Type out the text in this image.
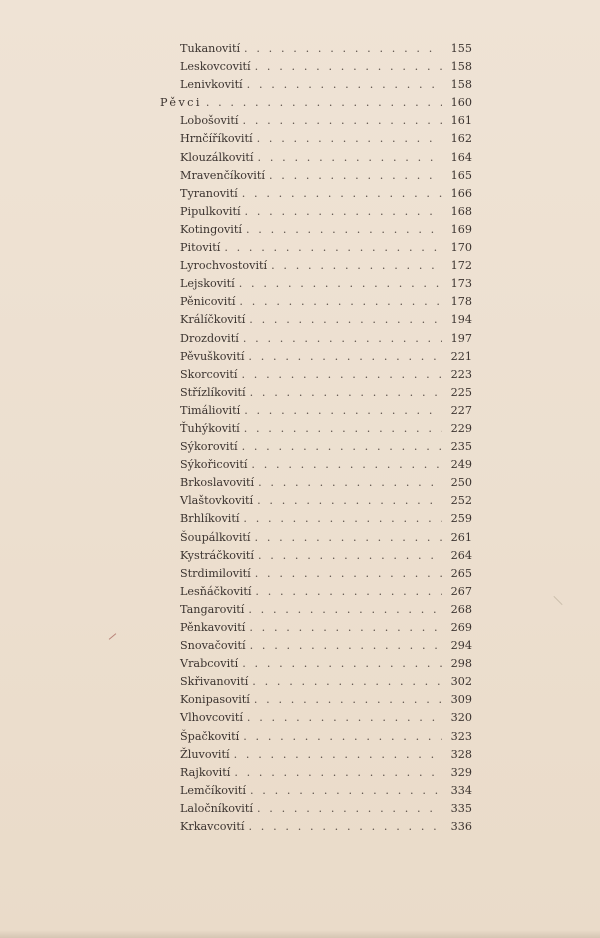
Tukanovití . . .	155
Leskovcovití . . .	158
Lenivkovití . . .	158
Pěvci . . .	160
Lobošovití . . .	161
Hrnčíříkovití . . .	162
Klouzálkovití . . .	164
Mravenčíkovití . . .	165
Tyranovití . . .	166
Pipulkovití . . .	168
Kotingovití . . .	169
Pitovití . . .	170
Lyrochvostovití . . .	172
Lejskovití . . .	173
Pěnicovití . . .	178
Králíčkovití . . .	194
Drozdovití . . .	197
Pěvuškovití . . .	221
Skorcovití . . .	223
Střízlíkovití . . .	225
Timáliovití . . .	227
Ťuhýkovití . . .	229
Sýkorovití . . .	235
Sýkořicovití . . .	249
Brkoslavovití . . .	250
Vlaštovkovití . . .	252
Brhlíkovití . . .	259
Šoupálkovití . . .	261
Kystráčkovití . . .	264
Strdimilovití . . .	265
Lesňáčkovití . . .	267
Tangarovití . . .	268
Pěnkavovití . . .	269
Snovačovití . . .	294
Vrabcovití . . .	298
Skřivanovití . . .	302
Konipasovití . . .	309
Vlhovcovití . . .	320
Špačkovití . . .	323
Žluvovití . . .	328
Rajkovití . . .	329
Lemčíkovití . . .	334
Laločníkovití . . .	335
Krkavcovití . . .	336
